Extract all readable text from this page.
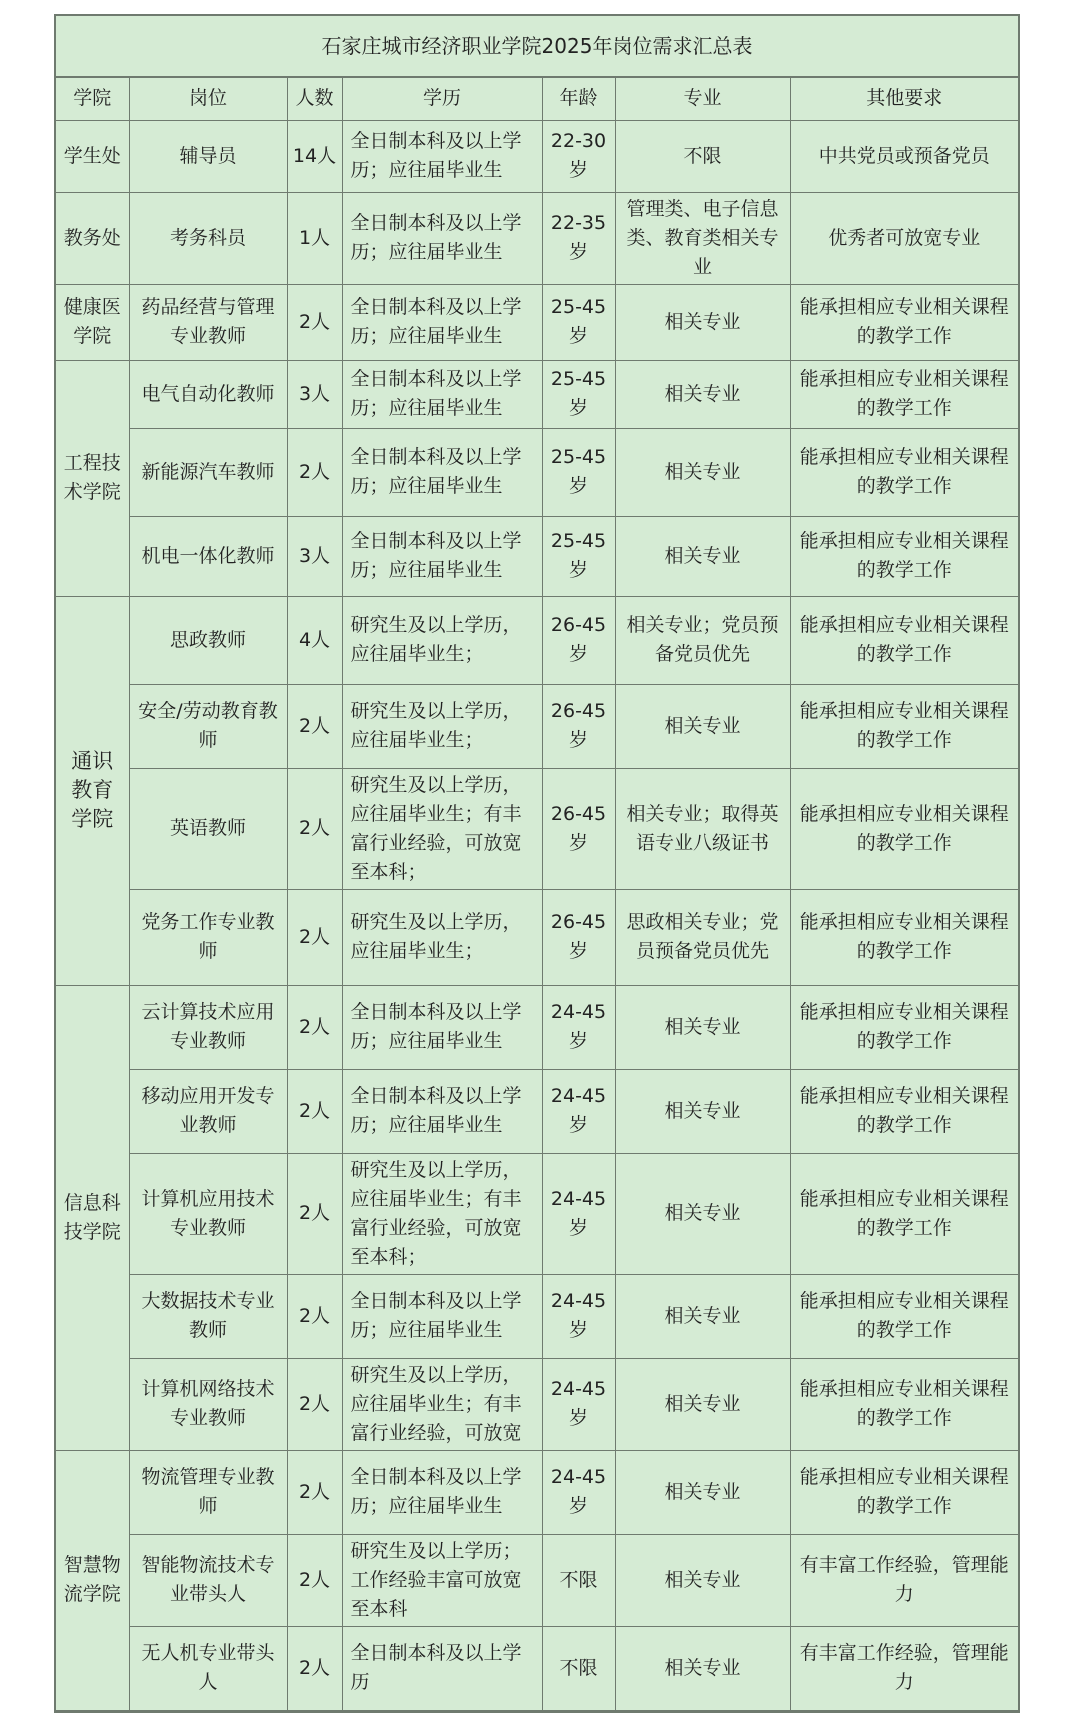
石家庄城市经济职业学院2025年岗位需求汇总表
学院	岗位	人数	学历	年龄	专业	其他要求
学生处	辅导员	14人	全日制本科及以上学历；应往届毕业生	22-30岁	不限	中共党员或预备党员
教务处	考务科员	1人	全日制本科及以上学历；应往届毕业生	22-35岁	管理类、电子信息类、教育类相关专业	优秀者可放宽专业
健康医学院	药品经营与管理专业教师	2人	全日制本科及以上学历；应往届毕业生	25-45岁	相关专业	能承担相应专业相关课程的教学工作
工程技术学院	电气自动化教师	3人	全日制本科及以上学历；应往届毕业生	25-45岁	相关专业	能承担相应专业相关课程的教学工作
	新能源汽车教师	2人	全日制本科及以上学历；应往届毕业生	25-45岁	相关专业	能承担相应专业相关课程的教学工作
	机电一体化教师	3人	全日制本科及以上学历；应往届毕业生	25-45岁	相关专业	能承担相应专业相关课程的教学工作
通识教育学院	思政教师	4人	研究生及以上学历，应往届毕业生；	26-45岁	相关专业；党员预备党员优先	能承担相应专业相关课程的教学工作
	安全/劳动教育教师	2人	研究生及以上学历，应往届毕业生；	26-45岁	相关专业	能承担相应专业相关课程的教学工作
	英语教师	2人	研究生及以上学历，应往届毕业生；有丰富行业经验，可放宽至本科；	26-45岁	相关专业；取得英语专业八级证书	能承担相应专业相关课程的教学工作
	党务工作专业教师	2人	研究生及以上学历，应往届毕业生；	26-45岁	思政相关专业；党员预备党员优先	能承担相应专业相关课程的教学工作
信息科技学院	云计算技术应用专业教师	2人	全日制本科及以上学历；应往届毕业生	24-45岁	相关专业	能承担相应专业相关课程的教学工作
	移动应用开发专业教师	2人	全日制本科及以上学历；应往届毕业生	24-45岁	相关专业	能承担相应专业相关课程的教学工作
	计算机应用技术专业教师	2人	研究生及以上学历，应往届毕业生；有丰富行业经验，可放宽至本科；	24-45岁	相关专业	能承担相应专业相关课程的教学工作
	大数据技术专业教师	2人	全日制本科及以上学历；应往届毕业生	24-45岁	相关专业	能承担相应专业相关课程的教学工作
	计算机网络技术专业教师	2人	研究生及以上学历，应往届毕业生；有丰富行业经验，可放宽	24-45岁	相关专业	能承担相应专业相关课程的教学工作
智慧物流学院	物流管理专业教师	2人	全日制本科及以上学历；应往届毕业生	24-45岁	相关专业	能承担相应专业相关课程的教学工作
	智能物流技术专业带头人	2人	研究生及以上学历；工作经验丰富可放宽至本科	不限	相关专业	有丰富工作经验，管理能力
	无人机专业带头人	2人	全日制本科及以上学历	不限	相关专业	有丰富工作经验，管理能力
